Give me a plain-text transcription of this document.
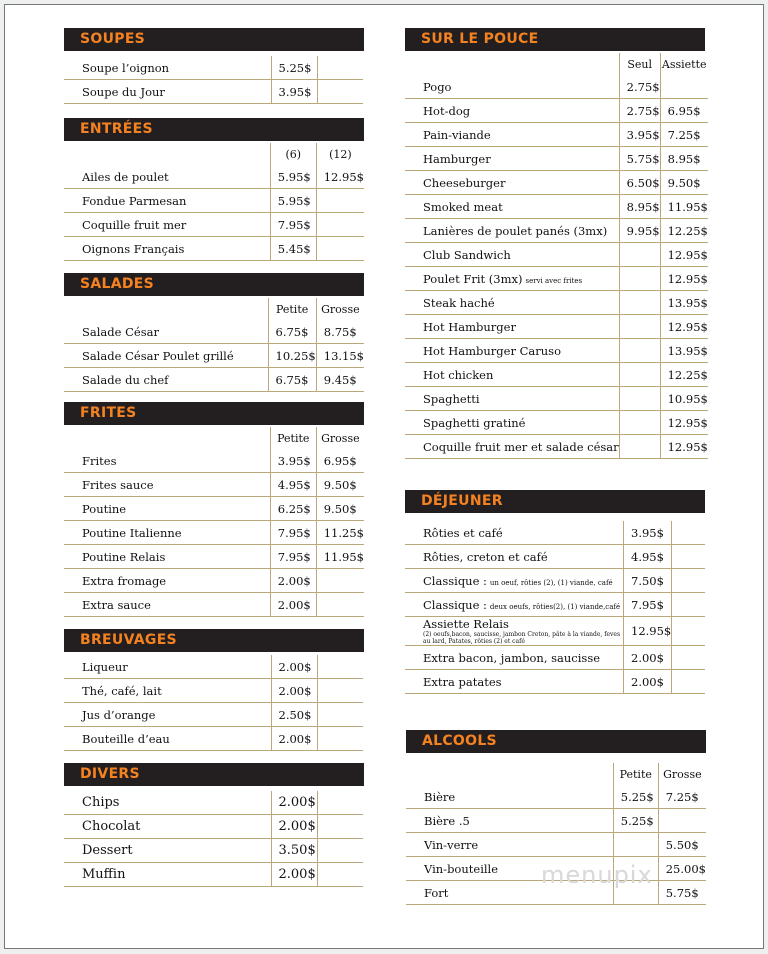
SOUPES
Soupe l’oignon	5.25$	
Soupe du Jour	3.95$	
ENTRÉES
	(6)	(12)
Ailes de poulet	5.95$	12.95$
Fondue Parmesan	5.95$	
Coquille fruit mer	7.95$	
Oignons Français	5.45$	
SALADES
	Petite	Grosse
Salade César	6.75$	8.75$
Salade César Poulet grillé	10.25$	13.15$
Salade du chef	6.75$	9.45$
FRITES
	Petite	Grosse
Frites	3.95$	6.95$
Frites sauce	4.95$	9.50$
Poutine	6.25$	9.50$
Poutine Italienne	7.95$	11.25$
Poutine Relais	7.95$	11.95$
Extra fromage	2.00$	
Extra sauce	2.00$	
BREUVAGES
Liqueur	2.00$	
Thé, café, lait	2.00$	
Jus d’orange	2.50$	
Bouteille d’eau	2.00$	
DIVERS
Chips	2.00$	
Chocolat	2.00$	
Dessert	3.50$	
Muffin	2.00$	
SUR LE POUCE
	Seul	Assiette
Pogo	2.75$	
Hot-dog	2.75$	6.95$
Pain-viande	3.95$	7.25$
Hamburger	5.75$	8.95$
Cheeseburger	6.50$	9.50$
Smoked meat	8.95$	11.95$
Lanières de poulet panés (3mx)	9.95$	12.25$
Club Sandwich		12.95$
Poulet Frit (3mx) servi avec frites		12.95$
Steak haché		13.95$
Hot Hamburger		12.95$
Hot Hamburger Caruso		13.95$
Hot chicken		12.25$
Spaghetti		10.95$
Spaghetti gratiné		12.95$
Coquille fruit mer et salade césar		12.95$
DÉJEUNER
Rôties et café	3.95$	
Rôties, creton et café	4.95$	
Classique : un oeuf, rôties (2), (1) viande, café	7.50$	
Classique : deux oeufs, rôties(2), (1) viande,café	7.95$	
Assiette Relais
(2) oeufs,bacon, saucisse, jambon Creton, pâte à la viande, feves au lard, Patates, rôties (2) et café	12.95$	
Extra bacon, jambon, saucisse	2.00$	
Extra patates	2.00$	
ALCOOLS
	Petite	Grosse
Bière	5.25$	7.25$
Bière .5	5.25$	
Vin-verre		5.50$
Vin-bouteille		25.00$
Fort		5.75$
menupix
